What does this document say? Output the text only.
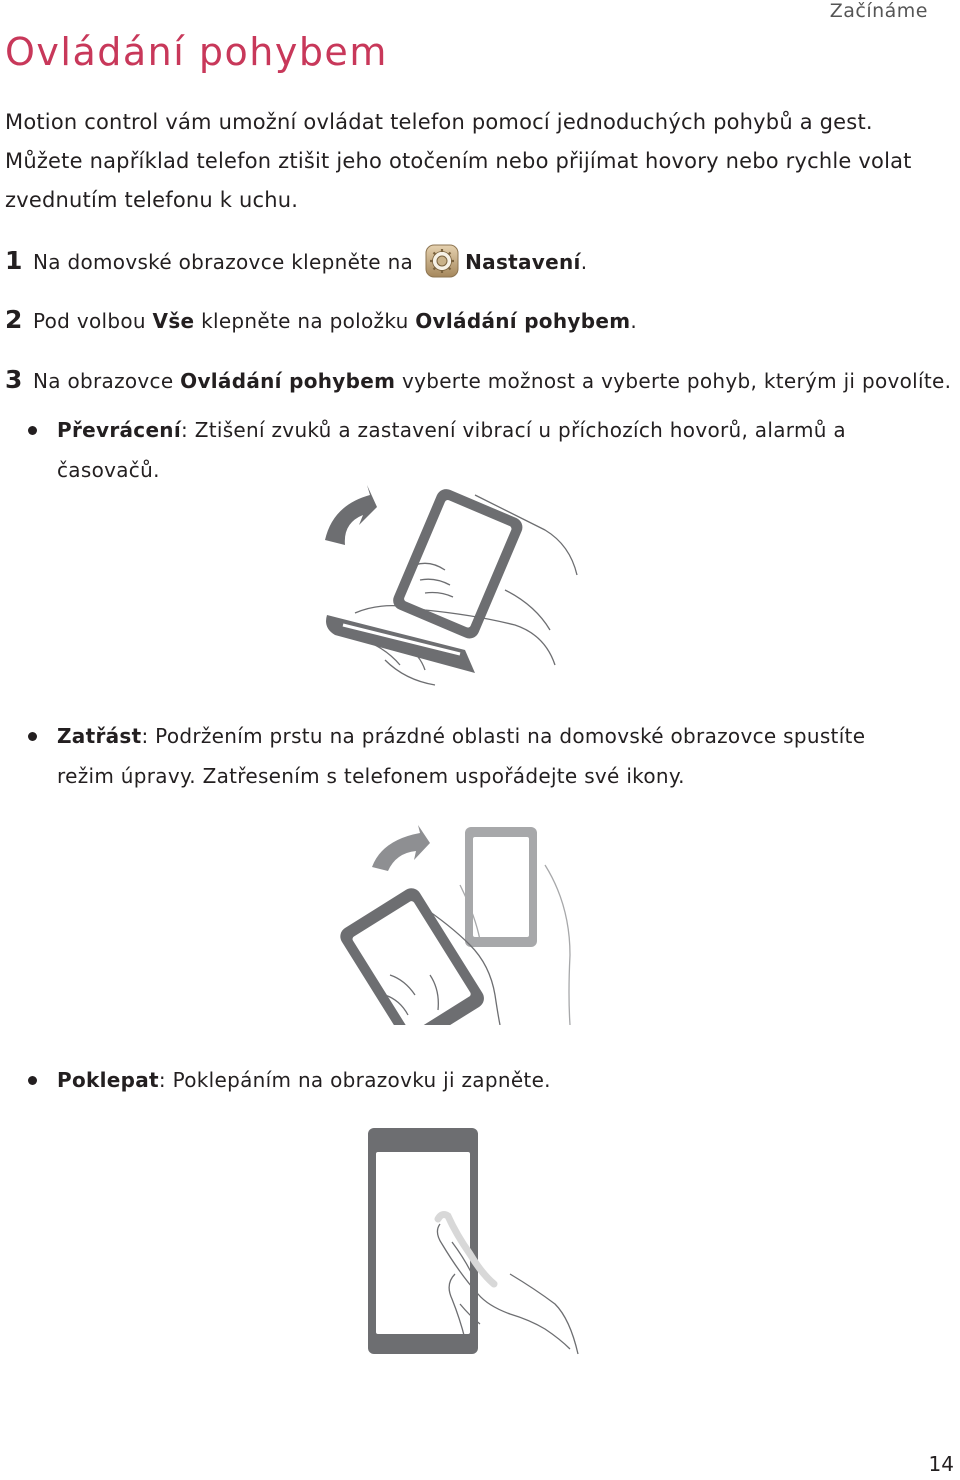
Začínáme
Ovládání pohybem
Motion control vám umožní ovládat telefon pomocí jednoduchých pohybů a gest. Můžete například telefon ztišit jeho otočením nebo přijímat hovory nebo rychle volat zvednutím telefonu k uchu.
1 Na domovské obrazovce klepněte na	Nastavení.
2 Pod volbou Vše klepněte na položku Ovládání pohybem.
3 Na obrazovce Ovládání pohybem vyberte možnost a vyberte pohyb, kterým ji povolíte.
Převrácení: Ztišení zvuků a zastavení vibrací u příchozích hovorů, alarmů a časovačů.
Zatřást: Podržením prstu na prázdné oblasti na domovské obrazovce spustíte režim úpravy. Zatřesením s telefonem uspořádejte své ikony.
Poklepat: Poklepáním na obrazovku ji zapněte.
14
